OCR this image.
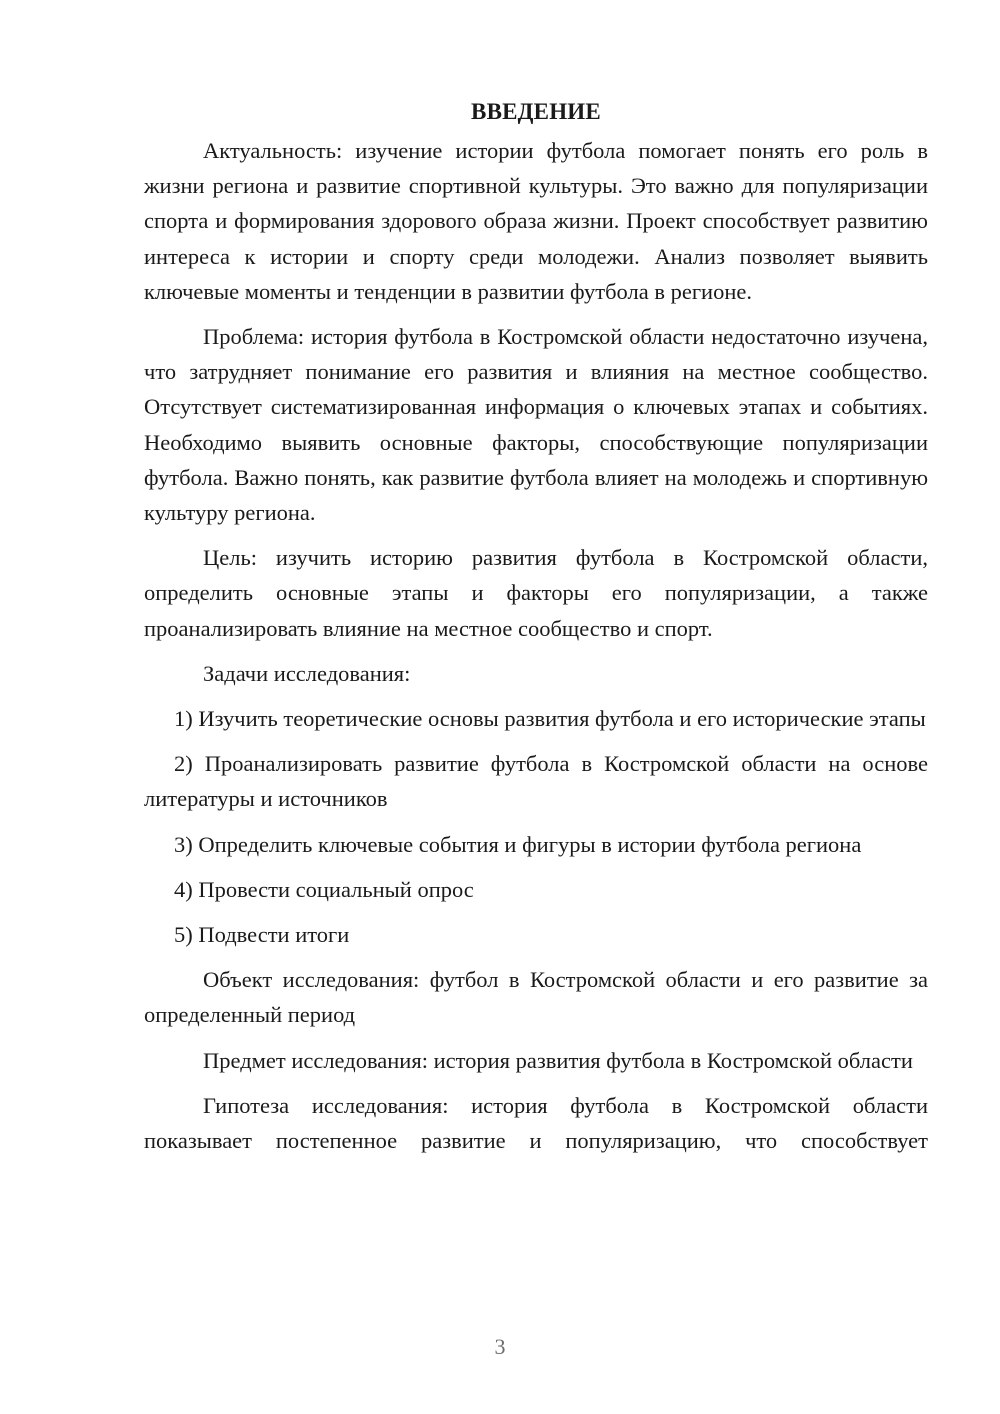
ВВЕДЕНИЕ

Актуальность: изучение истории футбола помогает понять его роль в жизни региона и развитие спортивной культуры. Это важно для популяризации спорта и формирования здорового образа жизни. Проект способствует развитию интереса к истории и спорту среди молодежи. Анализ позволяет выявить ключевые моменты и тенденции в развитии футбола в регионе.

Проблема: история футбола в Костромской области недостаточно изучена, что затрудняет понимание его развития и влияния на местное сообщество. Отсутствует систематизированная информация о ключевых этапах и событиях. Необходимо выявить основные факторы, способствующие популяризации футбола. Важно понять, как развитие футбола влияет на молодежь и спортивную культуру региона.

Цель: изучить историю развития футбола в Костромской области, определить основные этапы и факторы его популяризации, а также проанализировать влияние на местное сообщество и спорт.

Задачи исследования:

1) Изучить теоретические основы развития футбола и его исторические этапы

2) Проанализировать развитие футбола в Костромской области на основе литературы и источников

3) Определить ключевые события и фигуры в истории футбола региона

4) Провести социальный опрос

5) Подвести итоги

Объект исследования: футбол в Костромской области и его развитие за определенный период

Предмет исследования: история развития футбола в Костромской области

Гипотеза исследования: история футбола в Костромской области показывает постепенное развитие и популяризацию, что способствует

3
